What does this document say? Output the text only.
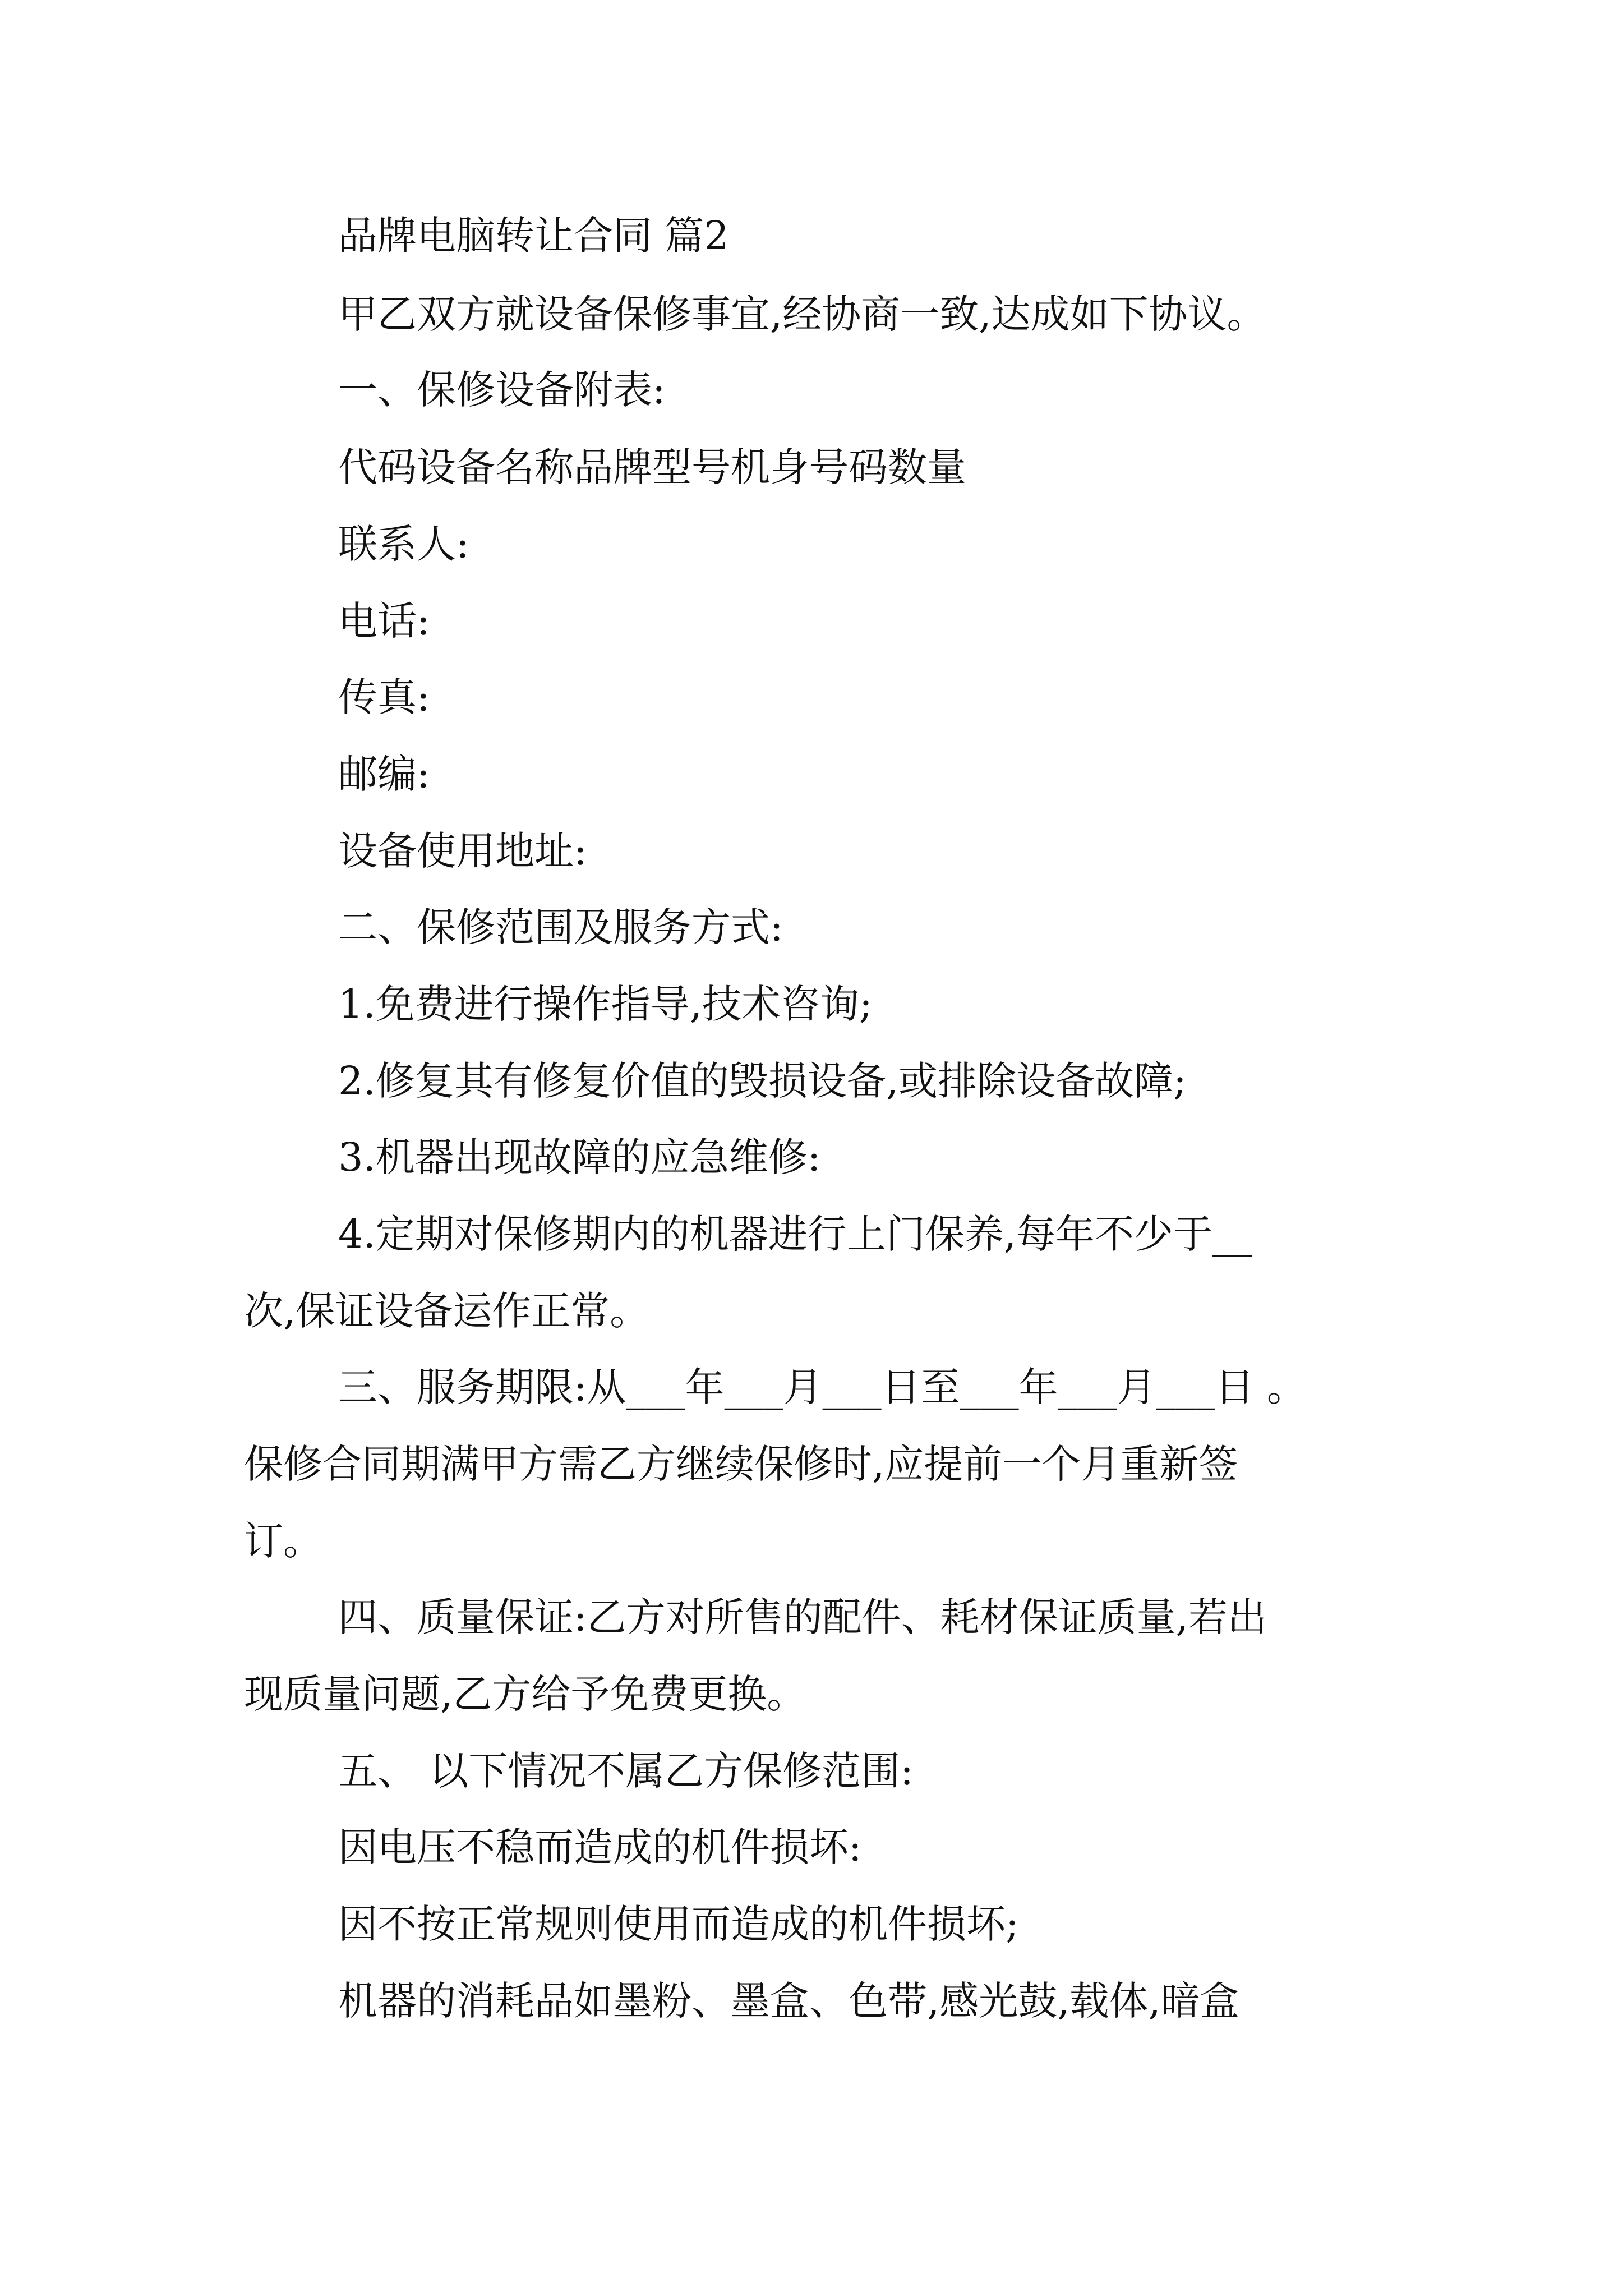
品牌电脑转让合同 篇2
甲乙双方就设备保修事宜,经协商一致,达成如下协议。
一、保修设备附表:
代码设备名称品牌型号机身号码数量
联系人:
电话:
传真:
邮编:
设备使用地址:
二、保修范围及服务方式:
1.免费进行操作指导,技术咨询;
2.修复其有修复价值的毁损设备,或排除设备故障;
3.机器出现故障的应急维修:
4.定期对保修期内的机器进行上门保养,每年不少于__
次,保证设备运作正常。
三、服务期限:从___年___月___日至___年___月___日 。
保修合同期满甲方需乙方继续保修时,应提前一个月重新签
订。
四、质量保证:乙方对所售的配件、耗材保证质量,若出
现质量问题,乙方给予免费更换。
五、 以下情况不属乙方保修范围:
因电压不稳而造成的机件损坏:
因不按正常规则使用而造成的机件损坏;
机器的消耗品如墨粉、墨盒、色带,感光鼓,载体,暗盒
